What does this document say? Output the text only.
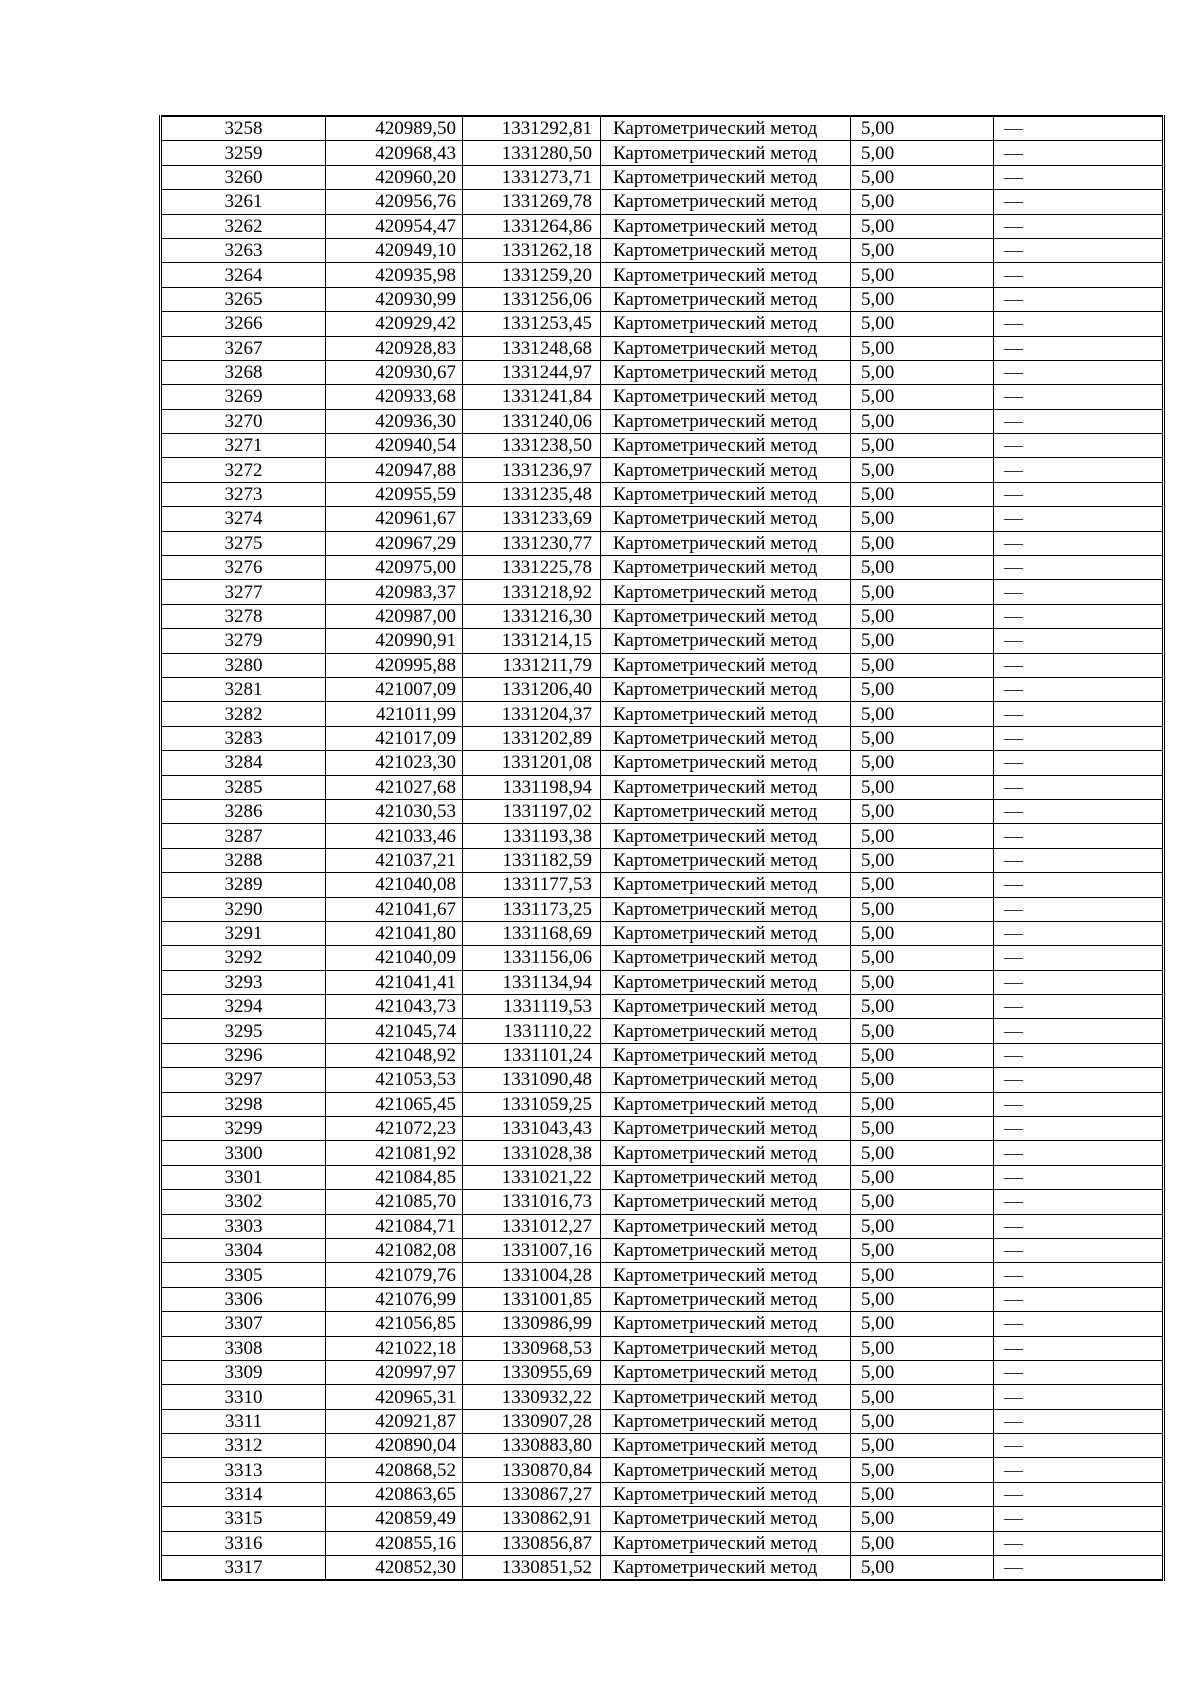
3258	420989,50	1331292,81	Картометрический метод	5,00	—
3259	420968,43	1331280,50	Картометрический метод	5,00	—
3260	420960,20	1331273,71	Картометрический метод	5,00	—
3261	420956,76	1331269,78	Картометрический метод	5,00	—
3262	420954,47	1331264,86	Картометрический метод	5,00	—
3263	420949,10	1331262,18	Картометрический метод	5,00	—
3264	420935,98	1331259,20	Картометрический метод	5,00	—
3265	420930,99	1331256,06	Картометрический метод	5,00	—
3266	420929,42	1331253,45	Картометрический метод	5,00	—
3267	420928,83	1331248,68	Картометрический метод	5,00	—
3268	420930,67	1331244,97	Картометрический метод	5,00	—
3269	420933,68	1331241,84	Картометрический метод	5,00	—
3270	420936,30	1331240,06	Картометрический метод	5,00	—
3271	420940,54	1331238,50	Картометрический метод	5,00	—
3272	420947,88	1331236,97	Картометрический метод	5,00	—
3273	420955,59	1331235,48	Картометрический метод	5,00	—
3274	420961,67	1331233,69	Картометрический метод	5,00	—
3275	420967,29	1331230,77	Картометрический метод	5,00	—
3276	420975,00	1331225,78	Картометрический метод	5,00	—
3277	420983,37	1331218,92	Картометрический метод	5,00	—
3278	420987,00	1331216,30	Картометрический метод	5,00	—
3279	420990,91	1331214,15	Картометрический метод	5,00	—
3280	420995,88	1331211,79	Картометрический метод	5,00	—
3281	421007,09	1331206,40	Картометрический метод	5,00	—
3282	421011,99	1331204,37	Картометрический метод	5,00	—
3283	421017,09	1331202,89	Картометрический метод	5,00	—
3284	421023,30	1331201,08	Картометрический метод	5,00	—
3285	421027,68	1331198,94	Картометрический метод	5,00	—
3286	421030,53	1331197,02	Картометрический метод	5,00	—
3287	421033,46	1331193,38	Картометрический метод	5,00	—
3288	421037,21	1331182,59	Картометрический метод	5,00	—
3289	421040,08	1331177,53	Картометрический метод	5,00	—
3290	421041,67	1331173,25	Картометрический метод	5,00	—
3291	421041,80	1331168,69	Картометрический метод	5,00	—
3292	421040,09	1331156,06	Картометрический метод	5,00	—
3293	421041,41	1331134,94	Картометрический метод	5,00	—
3294	421043,73	1331119,53	Картометрический метод	5,00	—
3295	421045,74	1331110,22	Картометрический метод	5,00	—
3296	421048,92	1331101,24	Картометрический метод	5,00	—
3297	421053,53	1331090,48	Картометрический метод	5,00	—
3298	421065,45	1331059,25	Картометрический метод	5,00	—
3299	421072,23	1331043,43	Картометрический метод	5,00	—
3300	421081,92	1331028,38	Картометрический метод	5,00	—
3301	421084,85	1331021,22	Картометрический метод	5,00	—
3302	421085,70	1331016,73	Картометрический метод	5,00	—
3303	421084,71	1331012,27	Картометрический метод	5,00	—
3304	421082,08	1331007,16	Картометрический метод	5,00	—
3305	421079,76	1331004,28	Картометрический метод	5,00	—
3306	421076,99	1331001,85	Картометрический метод	5,00	—
3307	421056,85	1330986,99	Картометрический метод	5,00	—
3308	421022,18	1330968,53	Картометрический метод	5,00	—
3309	420997,97	1330955,69	Картометрический метод	5,00	—
3310	420965,31	1330932,22	Картометрический метод	5,00	—
3311	420921,87	1330907,28	Картометрический метод	5,00	—
3312	420890,04	1330883,80	Картометрический метод	5,00	—
3313	420868,52	1330870,84	Картометрический метод	5,00	—
3314	420863,65	1330867,27	Картометрический метод	5,00	—
3315	420859,49	1330862,91	Картометрический метод	5,00	—
3316	420855,16	1330856,87	Картометрический метод	5,00	—
3317	420852,30	1330851,52	Картометрический метод	5,00	—
